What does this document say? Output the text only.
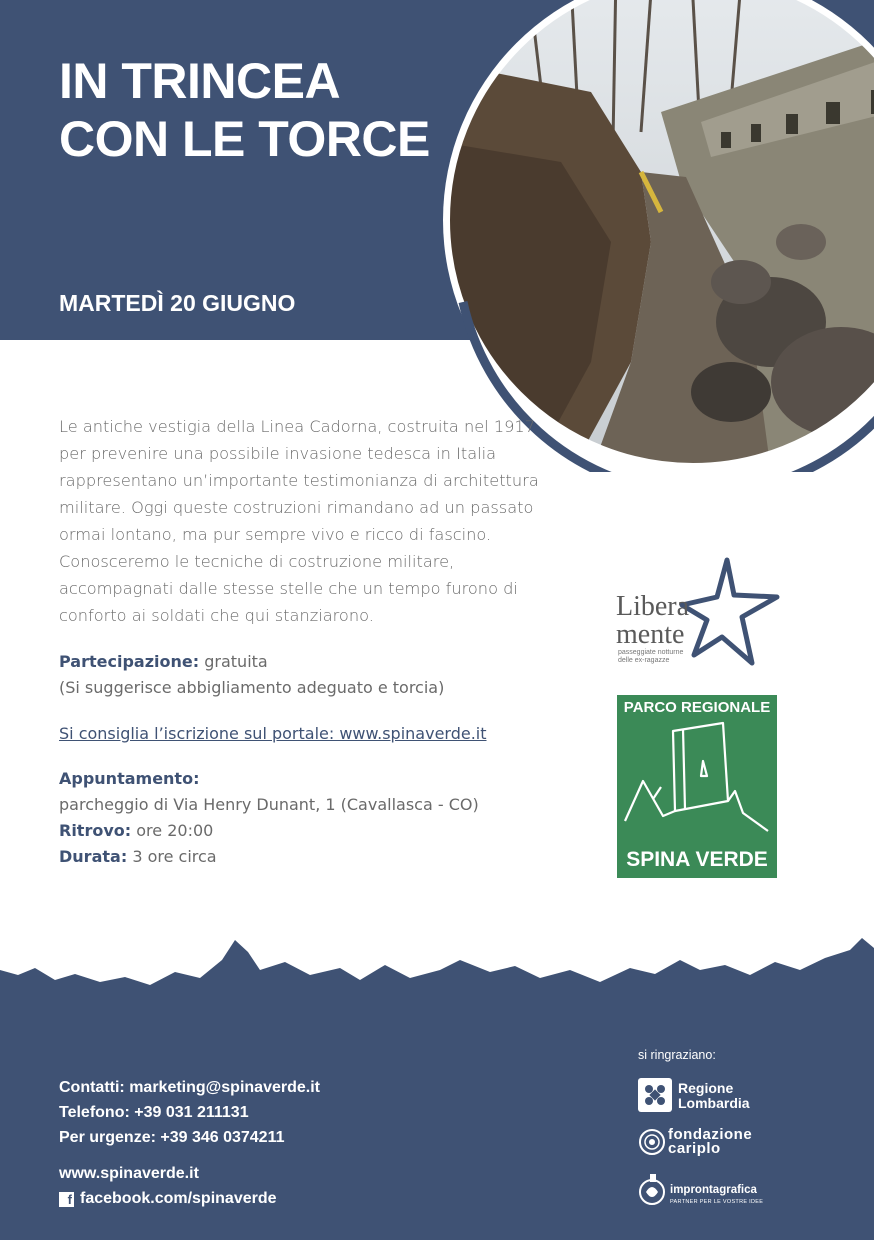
IN TRINCEA CON LE TORCE
MARTEDÌ 20 GIUGNO

Le antiche vestigia della Linea Cadorna, costruita nel 1917 per prevenire una possibile invasione tedesca in Italia rappresentano un’importante testimonianza di architettura militare. Oggi queste costruzioni rimandano ad un passato ormai lontano, ma pur sempre vivo e ricco di fascino. Conosceremo le tecniche di costruzione militare, accompagnati dalle stesse stelle che un tempo furono di conforto ai soldati che qui stanziarono.

Partecipazione: gratuita
(Si suggerisce abbigliamento adeguato e torcia)
Si consiglia l’iscrizione sul portale: www.spinaverde.it
Appuntamento:
parcheggio di Via Henry Dunant, 1 (Cavallasca - CO)
Ritrovo: ore 20:00
Durata: 3 ore circa
Libera
mente
passeggiate notturne
delle ex-ragazze
PARCO REGIONALE
SPINA VERDE
Contatti: marketing@spinaverde.it
Telefono: +39 031 211131
Per urgenze: +39 346 0374211
www.spinaverde.it
f facebook.com/spinaverde
si ringraziano:
Regione
Lombardia
fondazione
cariplo
improntagrafica
PARTNER PER LE VOSTRE IDEE
